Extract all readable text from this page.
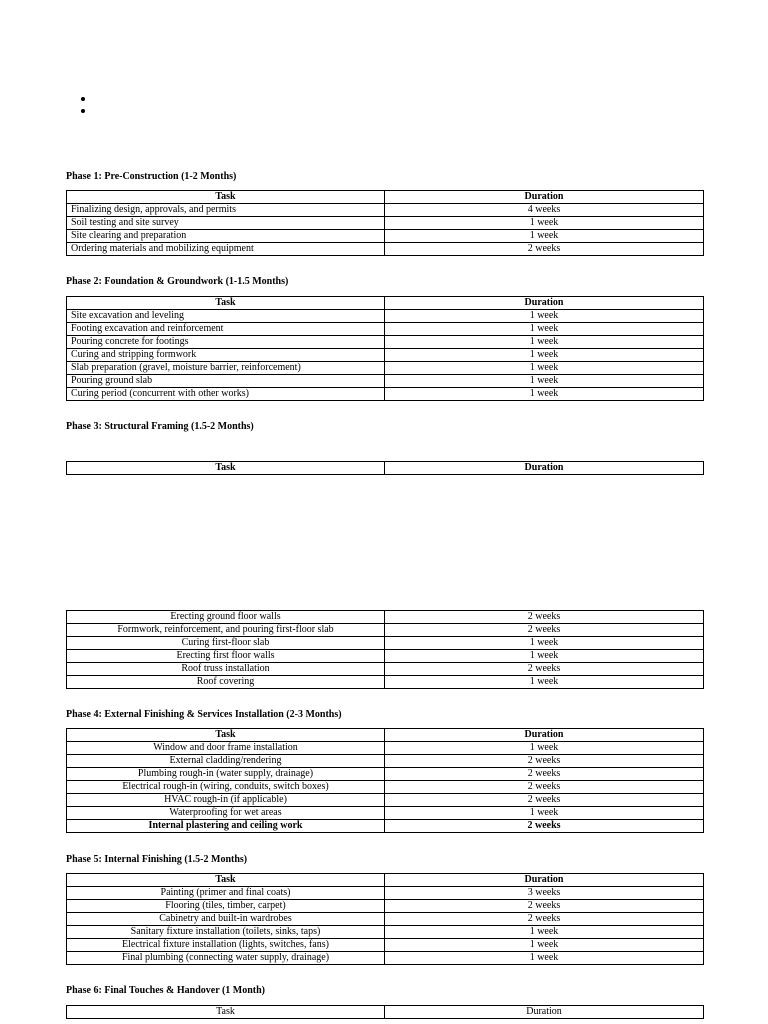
Phase 1: Pre-Construction (1-2 Months)
Task	Duration
Finalizing design, approvals, and permits	4 weeks
Soil testing and site survey	1 week
Site clearing and preparation	1 week
Ordering materials and mobilizing equipment	2 weeks
Phase 2: Foundation & Groundwork (1-1.5 Months)
Task	Duration
Site excavation and leveling	1 week
Footing excavation and reinforcement	1 week
Pouring concrete for footings	1 week
Curing and stripping formwork	1 week
Slab preparation (gravel, moisture barrier, reinforcement)	1 week
Pouring ground slab	1 week
Curing period (concurrent with other works)	1 week
Phase 3: Structural Framing (1.5-2 Months)
Task	Duration
Erecting ground floor walls	2 weeks
Formwork, reinforcement, and pouring first-floor slab	2 weeks
Curing first-floor slab	1 week
Erecting first floor walls	1 week
Roof truss installation	2 weeks
Roof covering	1 week
Phase 4: External Finishing & Services Installation (2-3 Months)
Task	Duration
Window and door frame installation	1 week
External cladding/rendering	2 weeks
Plumbing rough-in (water supply, drainage)	2 weeks
Electrical rough-in (wiring, conduits, switch boxes)	2 weeks
HVAC rough-in (if applicable)	2 weeks
Waterproofing for wet areas	1 week
Internal plastering and ceiling work	2 weeks
Phase 5: Internal Finishing (1.5-2 Months)
Task	Duration
Painting (primer and final coats)	3 weeks
Flooring (tiles, timber, carpet)	2 weeks
Cabinetry and built-in wardrobes	2 weeks
Sanitary fixture installation (toilets, sinks, taps)	1 week
Electrical fixture installation (lights, switches, fans)	1 week
Final plumbing (connecting water supply, drainage)	1 week
Phase 6: Final Touches & Handover (1 Month)
Task	Duration
